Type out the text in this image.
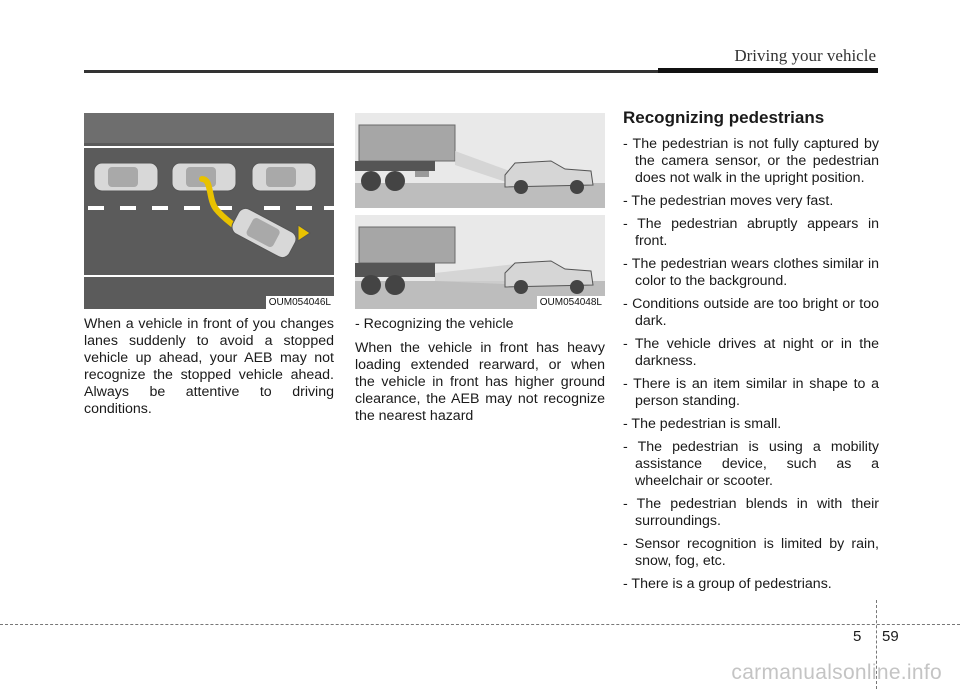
Driving your vehicle
OUM054046L	OUM054048L

When a vehicle in front of you changes lanes suddenly to avoid a stopped vehicle up ahead, your AEB may not recognize the stopped vehicle ahead. Always be attentive to driving conditions.

- Recognizing the vehicle

When the vehicle in front has heavy loading extended rearward, or when the vehicle in front has higher ground clearance, the AEB may not recognize the nearest hazard

Recognizing pedestrians
- The pedestrian is not fully captured by the camera sensor, or the pedestrian does not walk in the upright position.
- The pedestrian moves very fast.
- The pedestrian abruptly appears in front.
- The pedestrian wears clothes similar in color to the background.
- Conditions outside are too bright or too dark.
- The vehicle drives at night or in the darkness.
- There is an item similar in shape to a person standing.
- The pedestrian is small.
- The pedestrian is using a mobility assistance device, such as a wheelchair or scooter.
- The pedestrian blends in with their surroundings.
- Sensor recognition is limited by rain, snow, fog, etc.
- There is a group of pedestrians.
5 59
carmanualsonline.info
